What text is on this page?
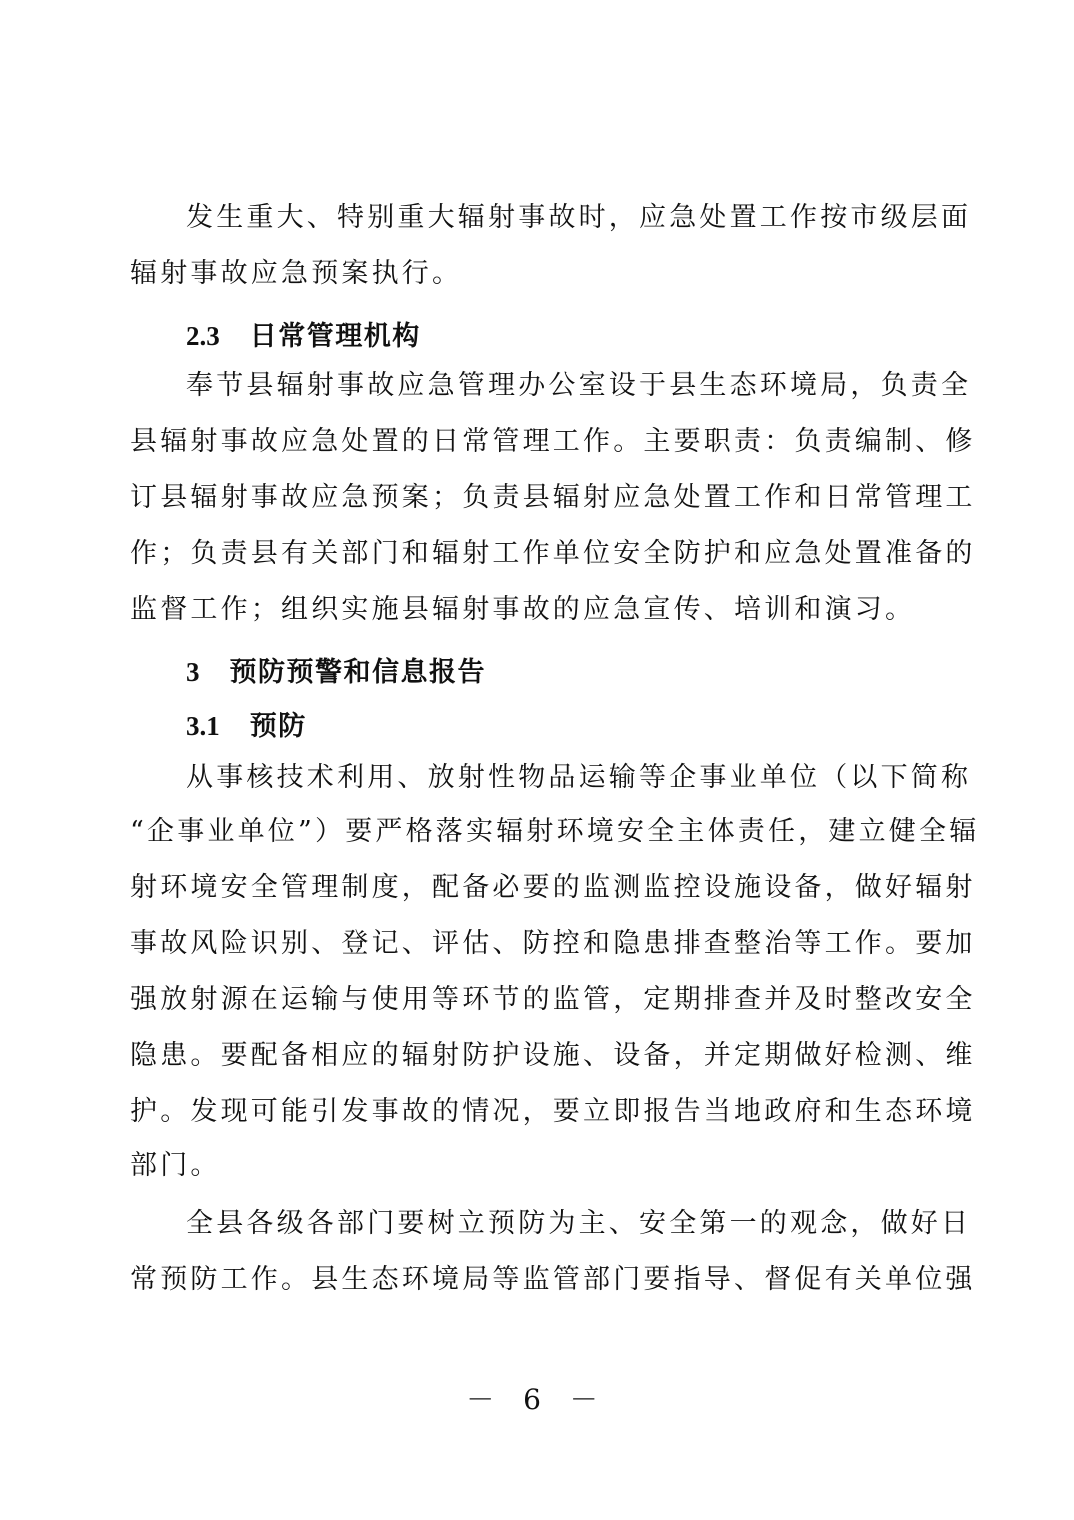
发生重大、特别重大辐射事故时，应急处置工作按市级层面
辐射事故应急预案执行。
2.3 日常管理机构
奉节县辐射事故应急管理办公室设于县生态环境局，负责全
县辐射事故应急处置的日常管理工作。主要职责：负责编制、修
订县辐射事故应急预案；负责县辐射应急处置工作和日常管理工
作；负责县有关部门和辐射工作单位安全防护和应急处置准备的
监督工作；组织实施县辐射事故的应急宣传、培训和演习。
3 预防预警和信息报告
3.1 预防
从事核技术利用、放射性物品运输等企事业单位（以下简称
“企事业单位”）要严格落实辐射环境安全主体责任，建立健全辐
射环境安全管理制度，配备必要的监测监控设施设备，做好辐射
事故风险识别、登记、评估、防控和隐患排查整治等工作。要加
强放射源在运输与使用等环节的监管，定期排查并及时整改安全
隐患。要配备相应的辐射防护设施、设备，并定期做好检测、维
护。发现可能引发事故的情况，要立即报告当地政府和生态环境
部门。
全县各级各部门要树立预防为主、安全第一的观念，做好日
常预防工作。县生态环境局等监管部门要指导、督促有关单位强
－ 6 －
